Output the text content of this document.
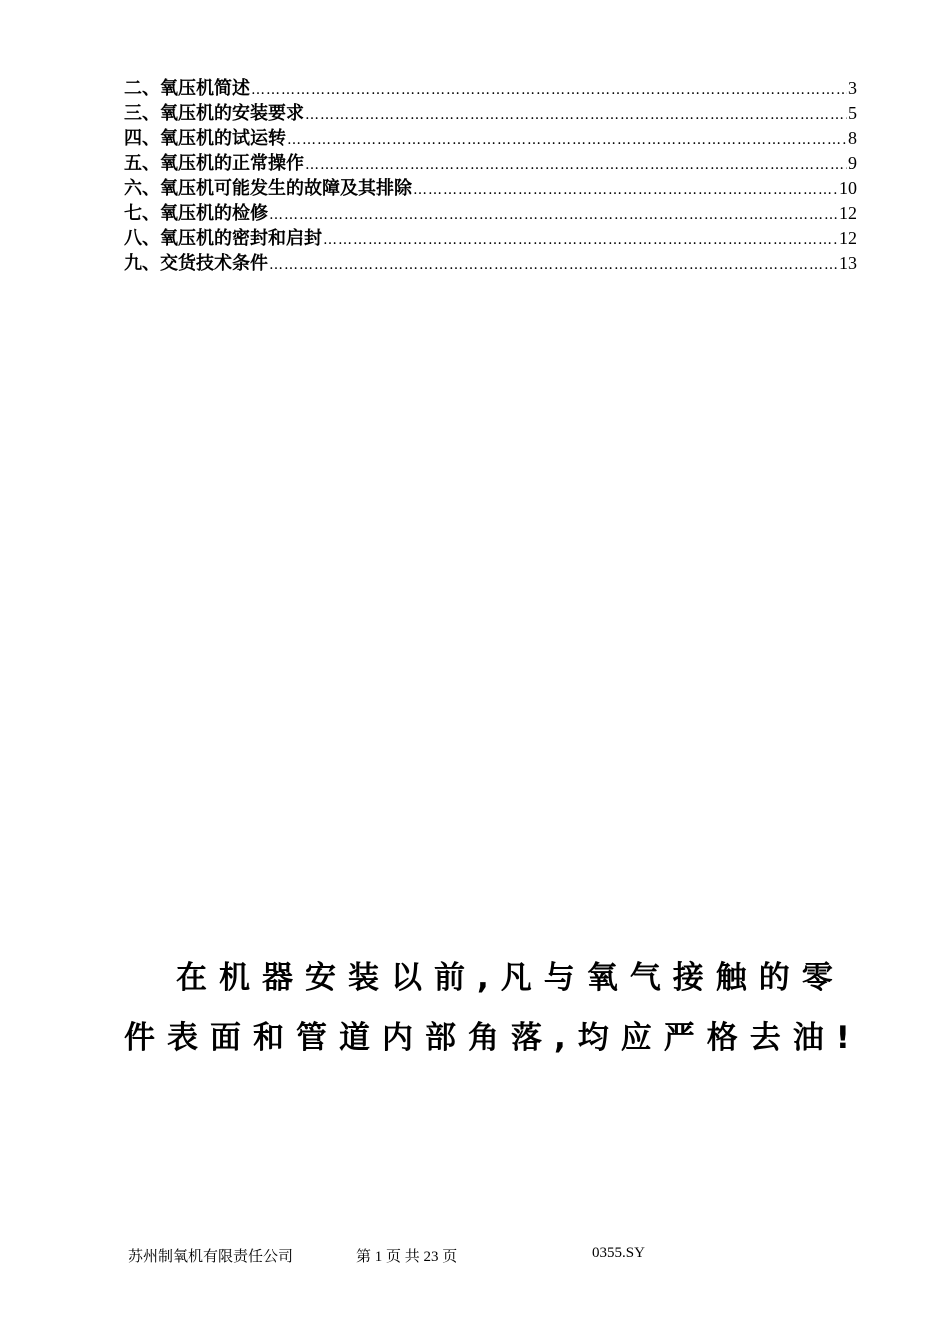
二、氧压机简述 …………………………………………………………………………………………………………………………………………………………	3
三、氧压机的安装要求 …………………………………………………………………………………………………………………………………………………………	5
四、氧压机的试运转 …………………………………………………………………………………………………………………………………………………………	8
五、氧压机的正常操作 …………………………………………………………………………………………………………………………………………………………	9
六、氧压机可能发生的故障及其排除 …………………………………………………………………………………………………………………………………………………………	10
七、氧压机的检修 …………………………………………………………………………………………………………………………………………………………	12
八、氧压机的密封和启封 …………………………………………………………………………………………………………………………………………………………	12
九、交货技术条件 …………………………………………………………………………………………………………………………………………………………	13
在机器安装以前,凡与氧气接触的零
件表面和管道内部角落,均应严格去油!
苏州制氧机有限责任公司	第 1 页 共 23 页	0355.SY
